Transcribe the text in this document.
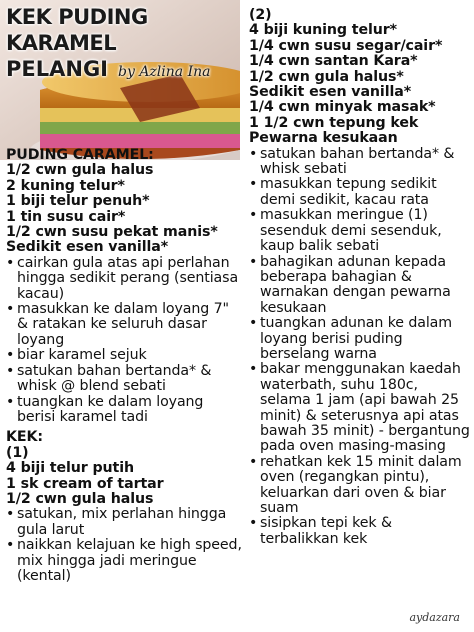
KEK PUDING KARAMEL
PELANGI by Azlina Ina

PUDING CARAMEL:

1/2 cwn gula halus

2 kuning telur*

1 biji telur penuh*

1 tin susu cair*

1/2 cwn susu pekat manis*

Sedikit esen vanilla*

• cairkan gula atas api perlahan hingga sedikit perang (sentiasa kacau)

• masukkan ke dalam loyang 7" & ratakan ke seluruh dasar loyang

• biar karamel sejuk

• satukan bahan bertanda* & whisk @ blend sebati

• tuangkan ke dalam loyang berisi karamel tadi

KEK:

(1)

4 biji telur putih

1 sk cream of tartar

1/2 cwn gula halus

• satukan, mix perlahan hingga gula larut

• naikkan kelajuan ke high speed, mix hingga jadi meringue (kental)

(2)

4 biji kuning telur*

1/4 cwn susu segar/cair*

1/4 cwn santan Kara*

1/2 cwn gula halus*

Sedikit esen vanilla*

1/4 cwn minyak masak*

1 1/2 cwn tepung kek

Pewarna kesukaan

• satukan bahan bertanda* & whisk sebati

• masukkan tepung sedikit demi sedikit, kacau rata

• masukkan meringue (1) sesenduk demi sesenduk, kaup balik sebati

• bahagikan adunan kepada beberapa bahagian & warnakan dengan pewarna kesukaan

• tuangkan adunan ke dalam loyang berisi puding berselang warna

• bakar menggunakan kaedah waterbath, suhu 180c, selama 1 jam (api bawah 25 minit) & seterusnya api atas bawah 35 minit) - bergantung pada oven masing-masing

• rehatkan kek 15 minit dalam oven (regangkan pintu), keluarkan dari oven & biar suam

• sisipkan tepi kek & terbalikkan kek

aydazara
